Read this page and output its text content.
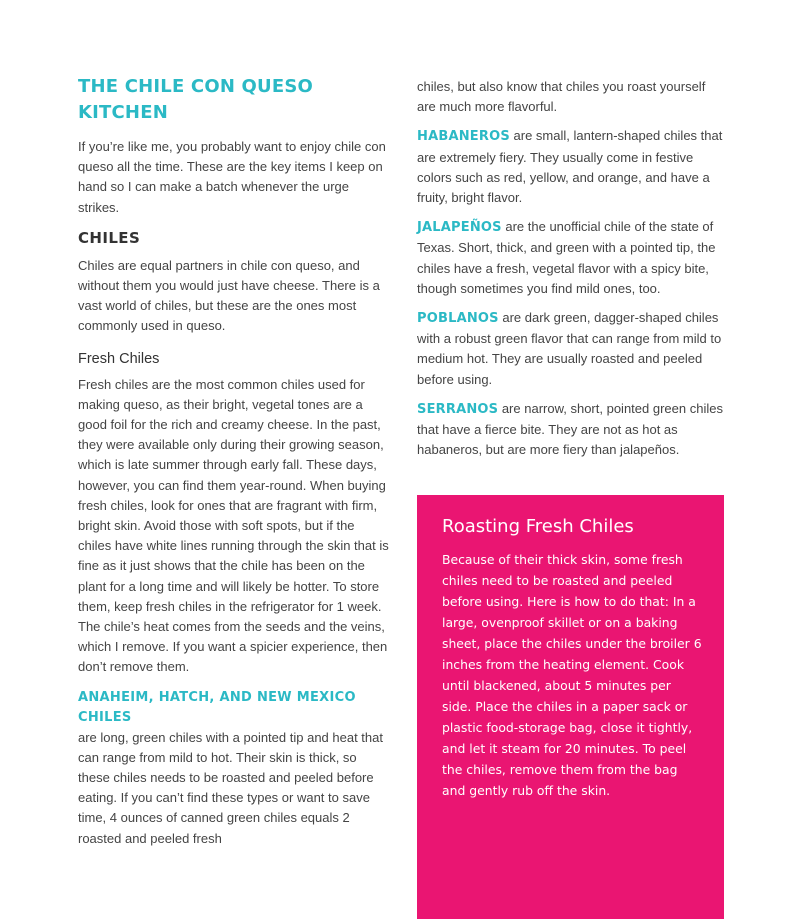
THE CHILE CON QUESO KITCHEN

If you’re like me, you probably want to enjoy chile con queso all the time. These are the key items I keep on hand so I can make a batch whenever the urge strikes.

CHILES

Chiles are equal partners in chile con queso, and without them you would just have cheese. There is a vast world of chiles, but these are the ones most commonly used in queso.

Fresh Chiles

Fresh chiles are the most common chiles used for making queso, as their bright, vegetal tones are a good foil for the rich and creamy cheese. In the past, they were available only during their growing season, which is late summer through early fall. These days, however, you can find them year-round. When buying fresh chiles, look for ones that are fragrant with firm, bright skin. Avoid those with soft spots, but if the chiles have white lines running through the skin that is fine as it just shows that the chile has been on the plant for a long time and will likely be hotter. To store them, keep fresh chiles in the refrigerator for 1 week. The chile’s heat comes from the seeds and the veins, which I remove. If you want a spicier experience, then don’t remove them.

ANAHEIM, HATCH, AND NEW MEXICO CHILES

are long, green chiles with a pointed tip and heat that can range from mild to hot. Their skin is thick, so these chiles needs to be roasted and peeled before eating. If you can’t find these types or want to save time, 4 ounces of canned green chiles equals 2 roasted and peeled fresh

chiles, but also know that chiles you roast yourself are much more flavorful.

HABANEROS are small, lantern-shaped chiles that are extremely fiery. They usually come in festive colors such as red, yellow, and orange, and have a fruity, bright flavor.

JALAPEÑOS are the unofficial chile of the state of Texas. Short, thick, and green with a pointed tip, the chiles have a fresh, vegetal flavor with a spicy bite, though sometimes you find mild ones, too.

POBLANOS are dark green, dagger-shaped chiles with a robust green flavor that can range from mild to medium hot. They are usually roasted and peeled before using.

SERRANOS are narrow, short, pointed green chiles that have a fierce bite. They are not as hot as habaneros, but are more fiery than jalapeños.

Roasting Fresh Chiles

Because of their thick skin, some fresh chiles need to be roasted and peeled before using. Here is how to do that: In a large, ovenproof skillet or on a baking sheet, place the chiles under the broiler 6 inches from the heating element. Cook until blackened, about 5 minutes per side. Place the chiles in a paper sack or plastic food-storage bag, close it tightly, and let it steam for 20 minutes. To peel the chiles, remove them from the bag and gently rub off the skin.
